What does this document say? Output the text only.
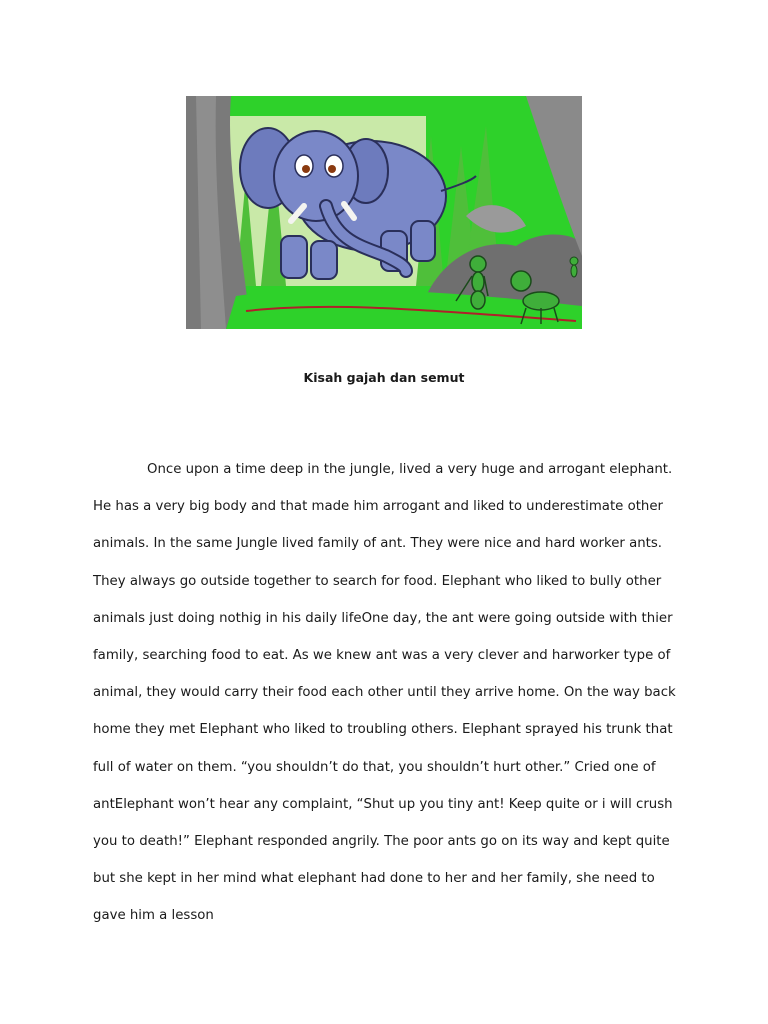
Kisah gajah dan semut
Once upon a time deep in the jungle, lived a very huge and arrogant elephant.
He has a very big body and that made him arrogant and liked to underestimate other
animals. In the same Jungle lived family of ant. They were nice and hard worker ants.
They always go outside together to search for food. Elephant who liked to bully other
animals just doing nothig in his daily lifeOne day, the ant were going outside with thier
family, searching food to eat. As we knew ant was a very clever and harworker type of
animal, they would carry their food each other until they arrive home. On the way back
home they met Elephant who liked to troubling others. Elephant sprayed his trunk that
full of water on them. “you shouldn’t do that, you shouldn’t hurt other.” Cried one of
antElephant won’t hear any complaint, “Shut up you tiny ant! Keep quite or i will crush
you to death!” Elephant responded angrily. The poor ants go on its way and kept quite
but she kept in her mind what elephant had done to her and her family, she need to
gave him a lesson
